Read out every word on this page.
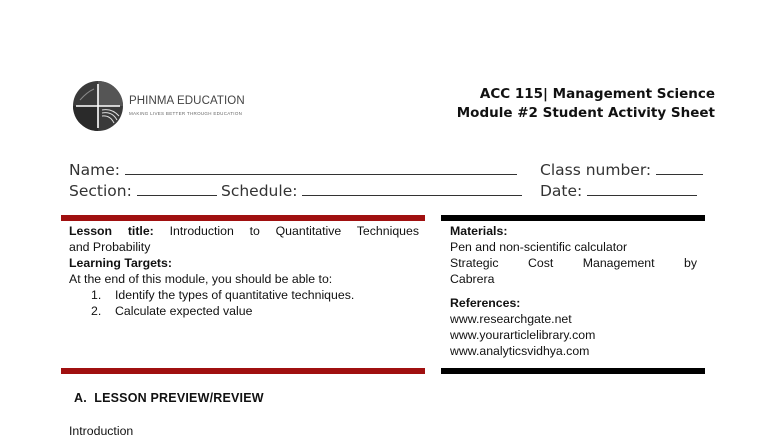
PHINMA EDUCATION
MAKING LIVES BETTER THROUGH EDUCATION
ACC 115| Management Science
Module #2 Student Activity Sheet
Name:	Class number:
Section:	Schedule:	Date:

Lesson title: Introduction to Quantitative Techniques

and Probability

Learning Targets:

At the end of this module, you should be able to:

1. Identify the types of quantitative techniques.
2. Calculate expected value

Materials:

Pen and non-scientific calculator

Strategic Cost Management by

Cabrera

References:

www.researchgate.net

www.yourarticlelibrary.com

www.analyticsvidhya.com

A.  LESSON PREVIEW/REVIEW
Introduction
